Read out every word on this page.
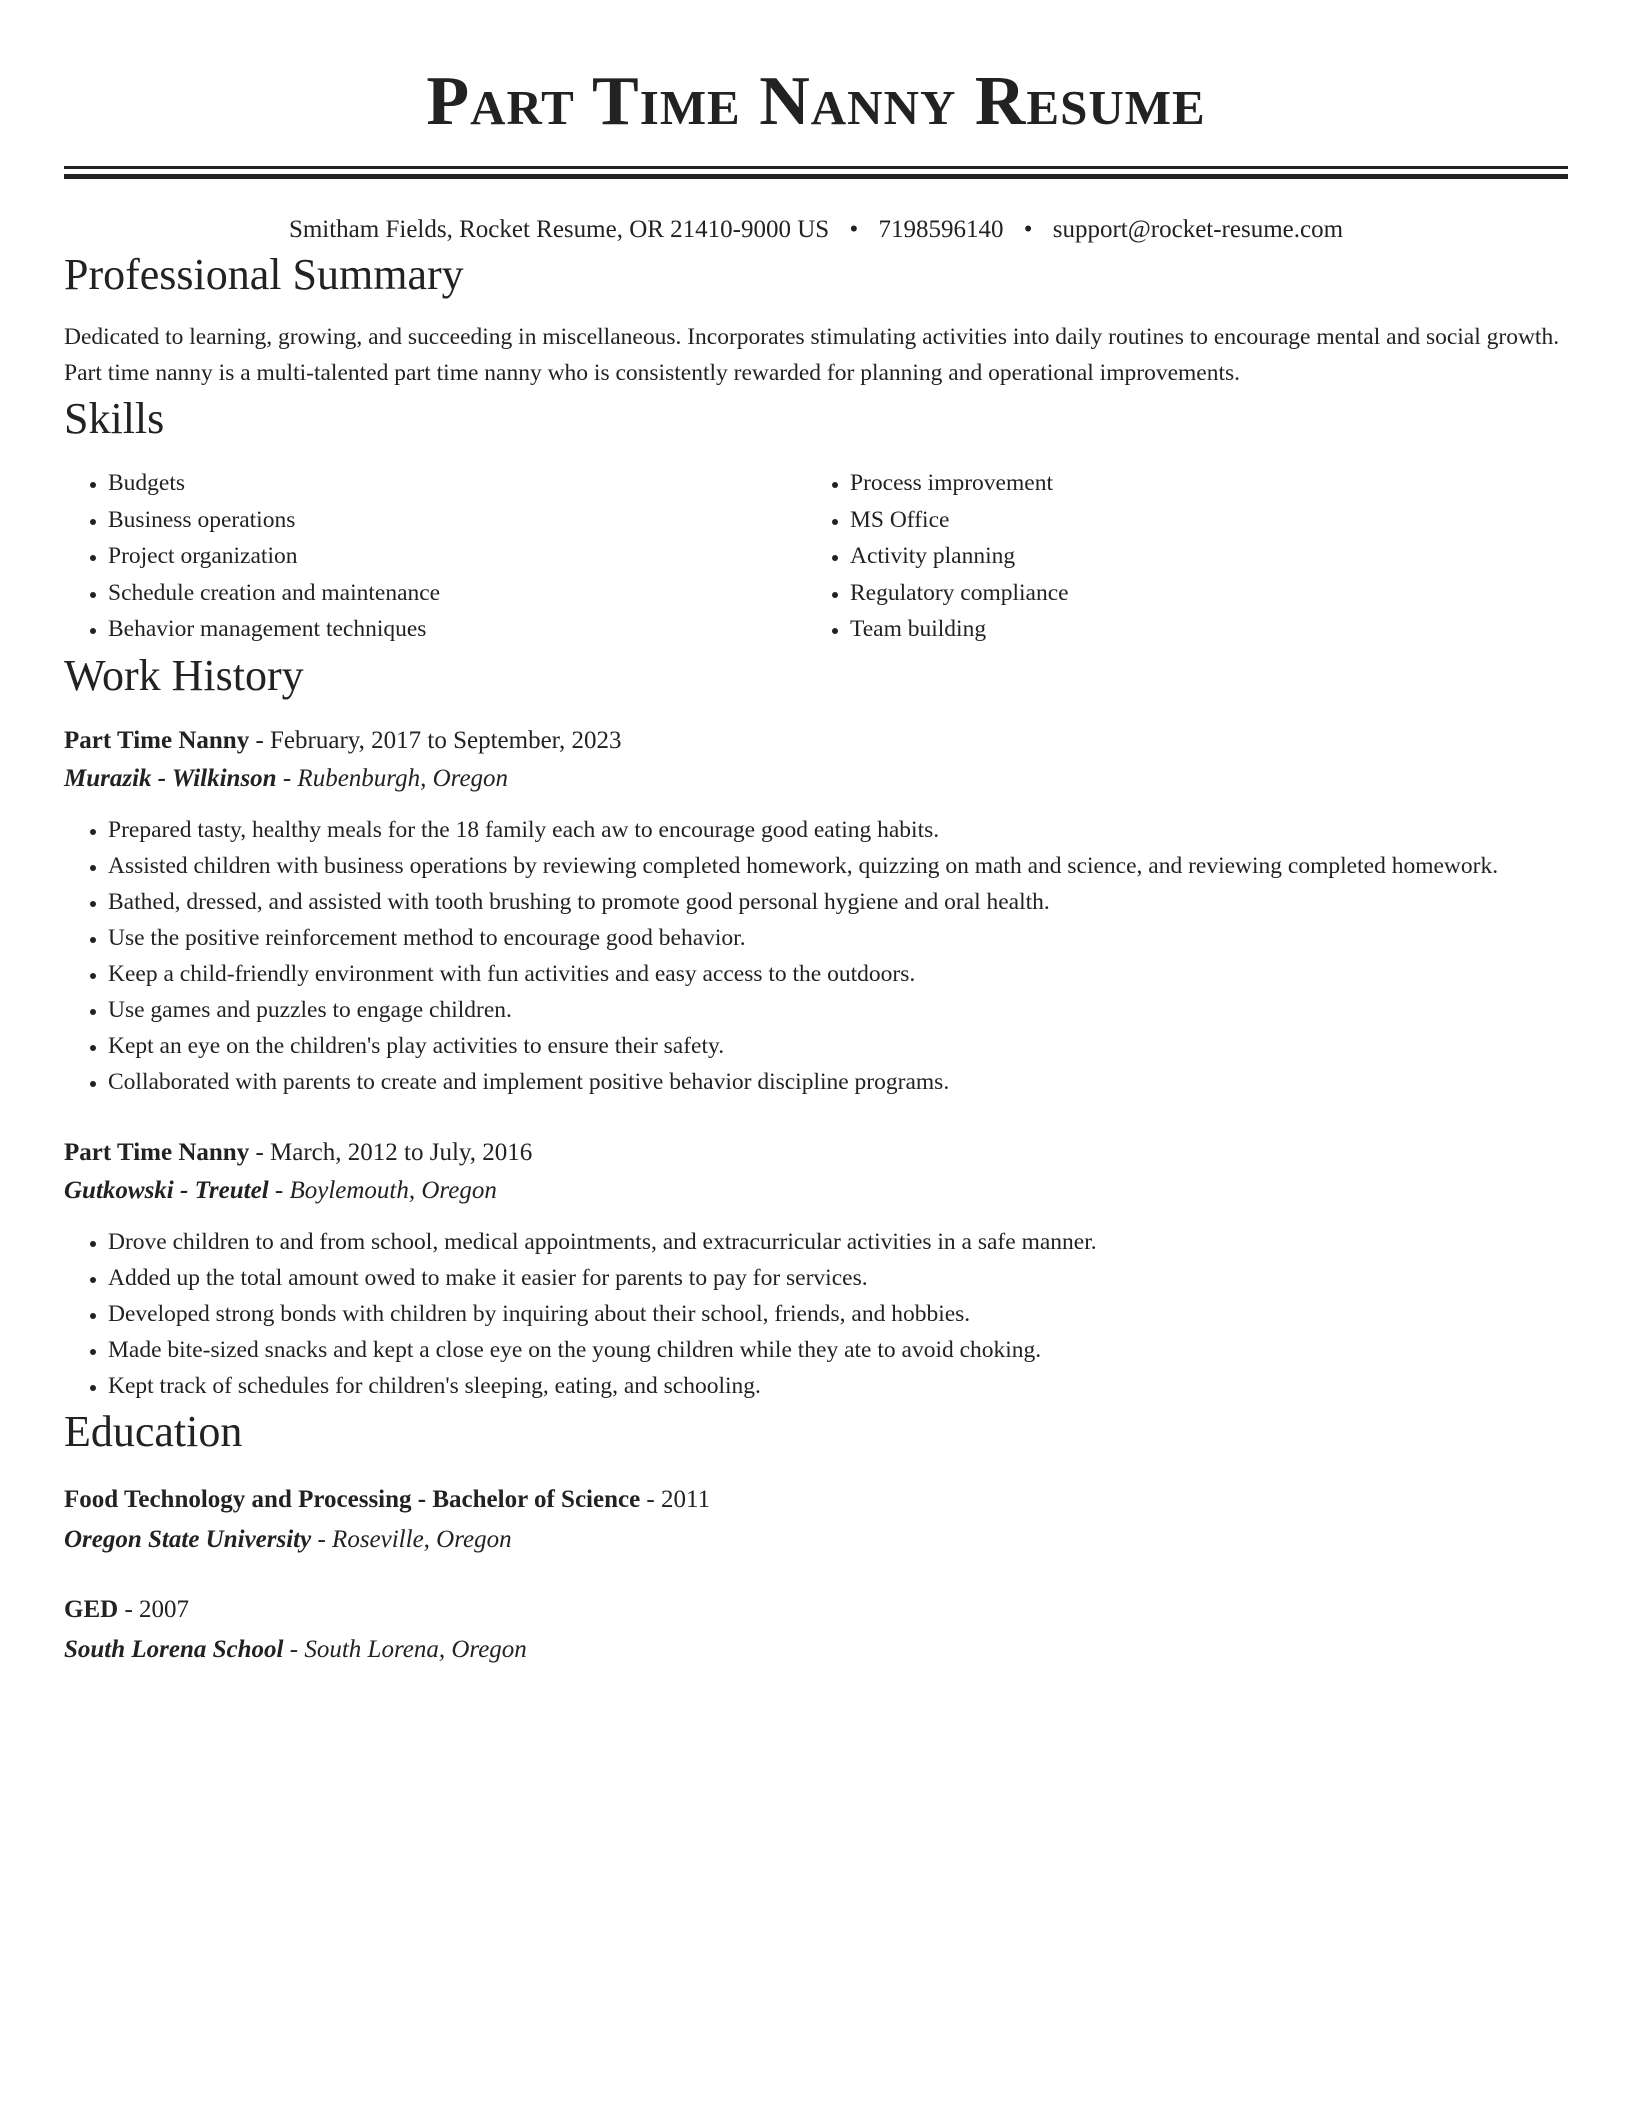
Part Time Nanny Resume
Smitham Fields, Rocket Resume, OR 21410-9000 US • 7198596140 • support@rocket-resume.com
Professional Summary

Dedicated to learning, growing, and succeeding in miscellaneous. Incorporates stimulating activities into daily routines to encourage mental and social growth. Part time nanny is a multi-talented part time nanny who is consistently rewarded for planning and operational improvements.

Skills
• Budgets
• Business operations
• Project organization
• Schedule creation and maintenance
• Behavior management techniques
• Process improvement
• MS Office
• Activity planning
• Regulatory compliance
• Team building
Work History
Part Time Nanny - February, 2017 to September, 2023
Murazik - Wilkinson - Rubenburgh, Oregon
• Prepared tasty, healthy meals for the 18 family each aw to encourage good eating habits.
• Assisted children with business operations by reviewing completed homework, quizzing on math and science, and reviewing completed homework.
• Bathed, dressed, and assisted with tooth brushing to promote good personal hygiene and oral health.
• Use the positive reinforcement method to encourage good behavior.
• Keep a child-friendly environment with fun activities and easy access to the outdoors.
• Use games and puzzles to engage children.
• Kept an eye on the children's play activities to ensure their safety.
• Collaborated with parents to create and implement positive behavior discipline programs.
Part Time Nanny - March, 2012 to July, 2016
Gutkowski - Treutel - Boylemouth, Oregon
• Drove children to and from school, medical appointments, and extracurricular activities in a safe manner.
• Added up the total amount owed to make it easier for parents to pay for services.
• Developed strong bonds with children by inquiring about their school, friends, and hobbies.
• Made bite-sized snacks and kept a close eye on the young children while they ate to avoid choking.
• Kept track of schedules for children's sleeping, eating, and schooling.
Education
Food Technology and Processing - Bachelor of Science - 2011
Oregon State University - Roseville, Oregon
GED - 2007
South Lorena School - South Lorena, Oregon
